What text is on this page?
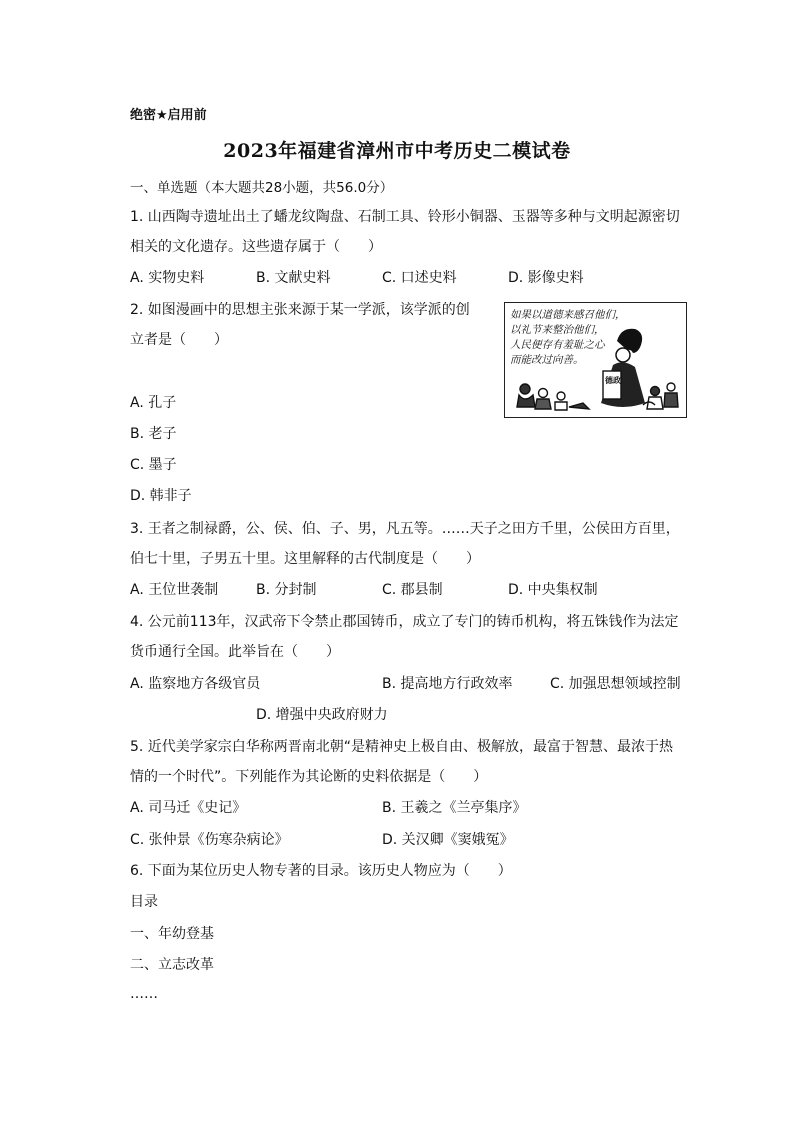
绝密★启用前
2023年福建省漳州市中考历史二模试卷
一、单选题（本大题共28小题，共56.0分）
1. 山西陶寺遗址出土了蟠龙纹陶盘、石制工具、铃形小铜器、玉器等多种与文明起源密切
相关的文化遗存。这些遗存属于（　　）
A. 实物史料	B. 文献史料	C. 口述史料	D. 影像史料
2. 如图漫画中的思想主张来源于某一学派，该学派的创
立者是（　　）
A. 孔子
B. 老子
C. 墨子
D. 韩非子
如果以道德来感召他们，
以礼节来整治他们，
人民便存有羞耻之心
而能改过向善。
德政
3. 王者之制禄爵，公、侯、伯、子、男，凡五等。……天子之田方千里，公侯田方百里，
伯七十里，子男五十里。这里解释的古代制度是（　　）
A. 王位世袭制	B. 分封制	C. 郡县制	D. 中央集权制
4. 公元前113年，汉武帝下令禁止郡国铸币，成立了专门的铸币机构，将五铢钱作为法定
货币通行全国。此举旨在（　　）
A. 监察地方各级官员	B. 提高地方行政效率	C. 加强思想领域控制
D. 增强中央政府财力
5. 近代美学家宗白华称两晋南北朝“是精神史上极自由、极解放，最富于智慧、最浓于热
情的一个时代”。下列能作为其论断的史料依据是（　　）
A. 司马迁《史记》	B. 王羲之《兰亭集序》
C. 张仲景《伤寒杂病论》	D. 关汉卿《窦娥冤》
6. 下面为某位历史人物专著的目录。该历史人物应为（　　）
目录
一、年幼登基
二、立志改革
……
